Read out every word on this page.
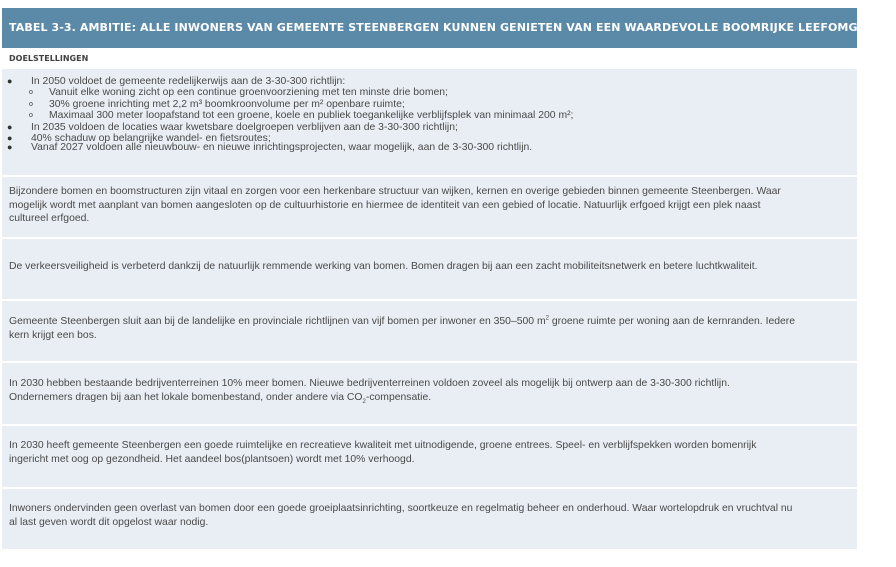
TABEL 3-3. AMBITIE: ALLE INWONERS VAN GEMEENTE STEENBERGEN KUNNEN GENIETEN VAN EEN WAARDEVOLLE BOOMRIJKE LEEFOMGEVING
DOELSTELLINGEN
● In 2050 voldoet de gemeente redelijkerwijs aan de 3-30-300 richtlijn:
o Vanuit elke woning zicht op een continue groenvoorziening met ten minste drie bomen;
o 30% groene inrichting met 2,2 m³ boomkroonvolume per m² openbare ruimte;
o Maximaal 300 meter loopafstand tot een groene, koele en publiek toegankelijke verblijfsplek van minimaal 200 m²;
● In 2035 voldoen de locaties waar kwetsbare doelgroepen verblijven aan de 3-30-300 richtlijn;
● 40% schaduw op belangrijke wandel- en fietsroutes;
● Vanaf 2027 voldoen alle nieuwbouw- en nieuwe inrichtingsprojecten, waar mogelijk, aan de 3-30-300 richtlijn.

Bijzondere bomen en boomstructuren zijn vitaal en zorgen voor een herkenbare structuur van wijken, kernen en overige gebieden binnen gemeente Steenbergen. Waar

mogelijk wordt met aanplant van bomen aangesloten op de cultuurhistorie en hiermee de identiteit van een gebied of locatie. Natuurlijk erfgoed krijgt een plek naast

cultureel erfgoed.

De verkeersveiligheid is verbeterd dankzij de natuurlijk remmende werking van bomen. Bomen dragen bij aan een zacht mobiliteitsnetwerk en betere luchtkwaliteit.

Gemeente Steenbergen sluit aan bij de landelijke en provinciale richtlijnen van vijf bomen per inwoner en 350–500 $m^2$ groene ruimte per woning aan de kernranden. Iedere

kern krijgt een bos.

In 2030 hebben bestaande bedrijventerreinen 10% meer bomen. Nieuwe bedrijventerreinen voldoen zoveel als mogelijk bij ontwerp aan de 3-30-300 richtlijn.

Ondernemers dragen bij aan het lokale bomenbestand, onder andere via $CO_2$-compensatie.

In 2030 heeft gemeente Steenbergen een goede ruimtelijke en recreatieve kwaliteit met uitnodigende, groene entrees. Speel- en verblijfspekken worden bomenrijk

ingericht met oog op gezondheid. Het aandeel bos(plantsoen) wordt met 10% verhoogd.

Inwoners ondervinden geen overlast van bomen door een goede groeiplaatsinrichting, soortkeuze en regelmatig beheer en onderhoud. Waar wortelopdruk en vruchtval nu

al last geven wordt dit opgelost waar nodig.
